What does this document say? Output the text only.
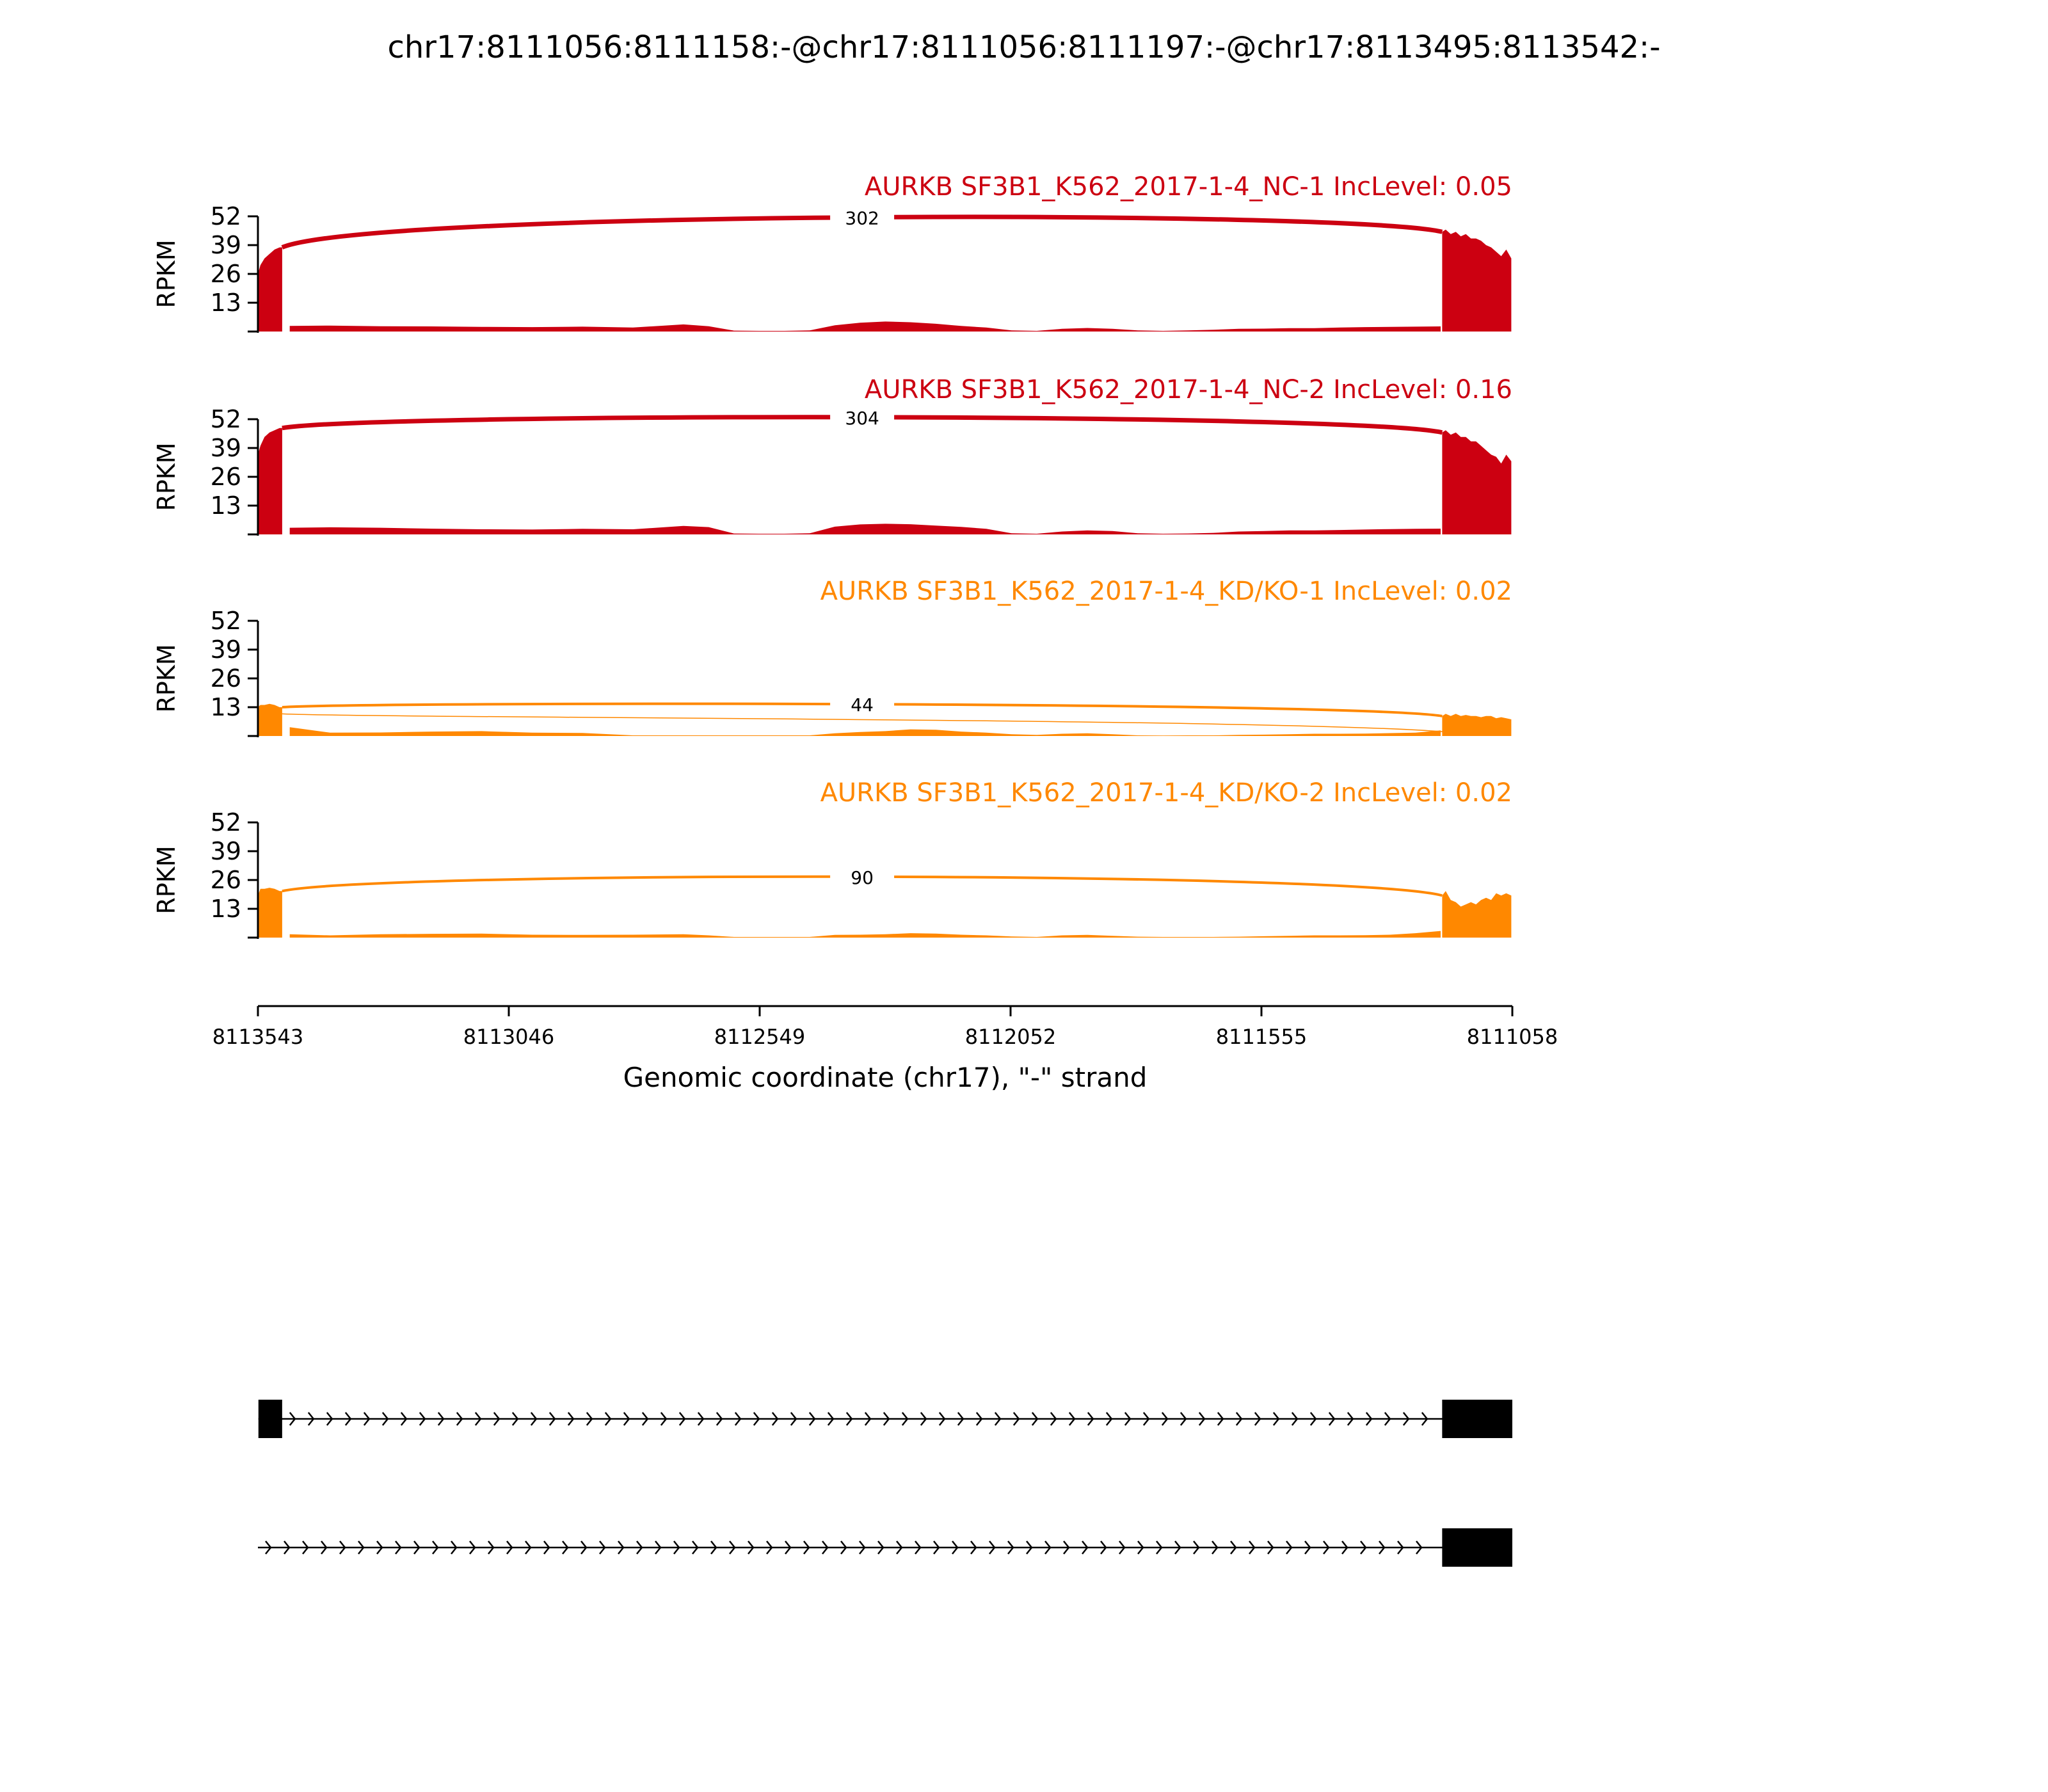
chr17:8111056:8111158:-@chr17:8111056:8111197:-@chr17:8113495:8113542:-
302
13
26
39
52
RPKM
AURKB SF3B1_K562_2017-1-4_NC-1 IncLevel: 0.05
304
13
26
39
52
RPKM
AURKB SF3B1_K562_2017-1-4_NC-2 IncLevel: 0.16
44
13
26
39
52
RPKM
AURKB SF3B1_K562_2017-1-4_KD/KO-1 IncLevel: 0.02
90
13
26
39
52
RPKM
AURKB SF3B1_K562_2017-1-4_KD/KO-2 IncLevel: 0.02
8113543	8113046	8112549	8112052	8111555	8111058
Genomic coordinate (chr17), "-" strand
